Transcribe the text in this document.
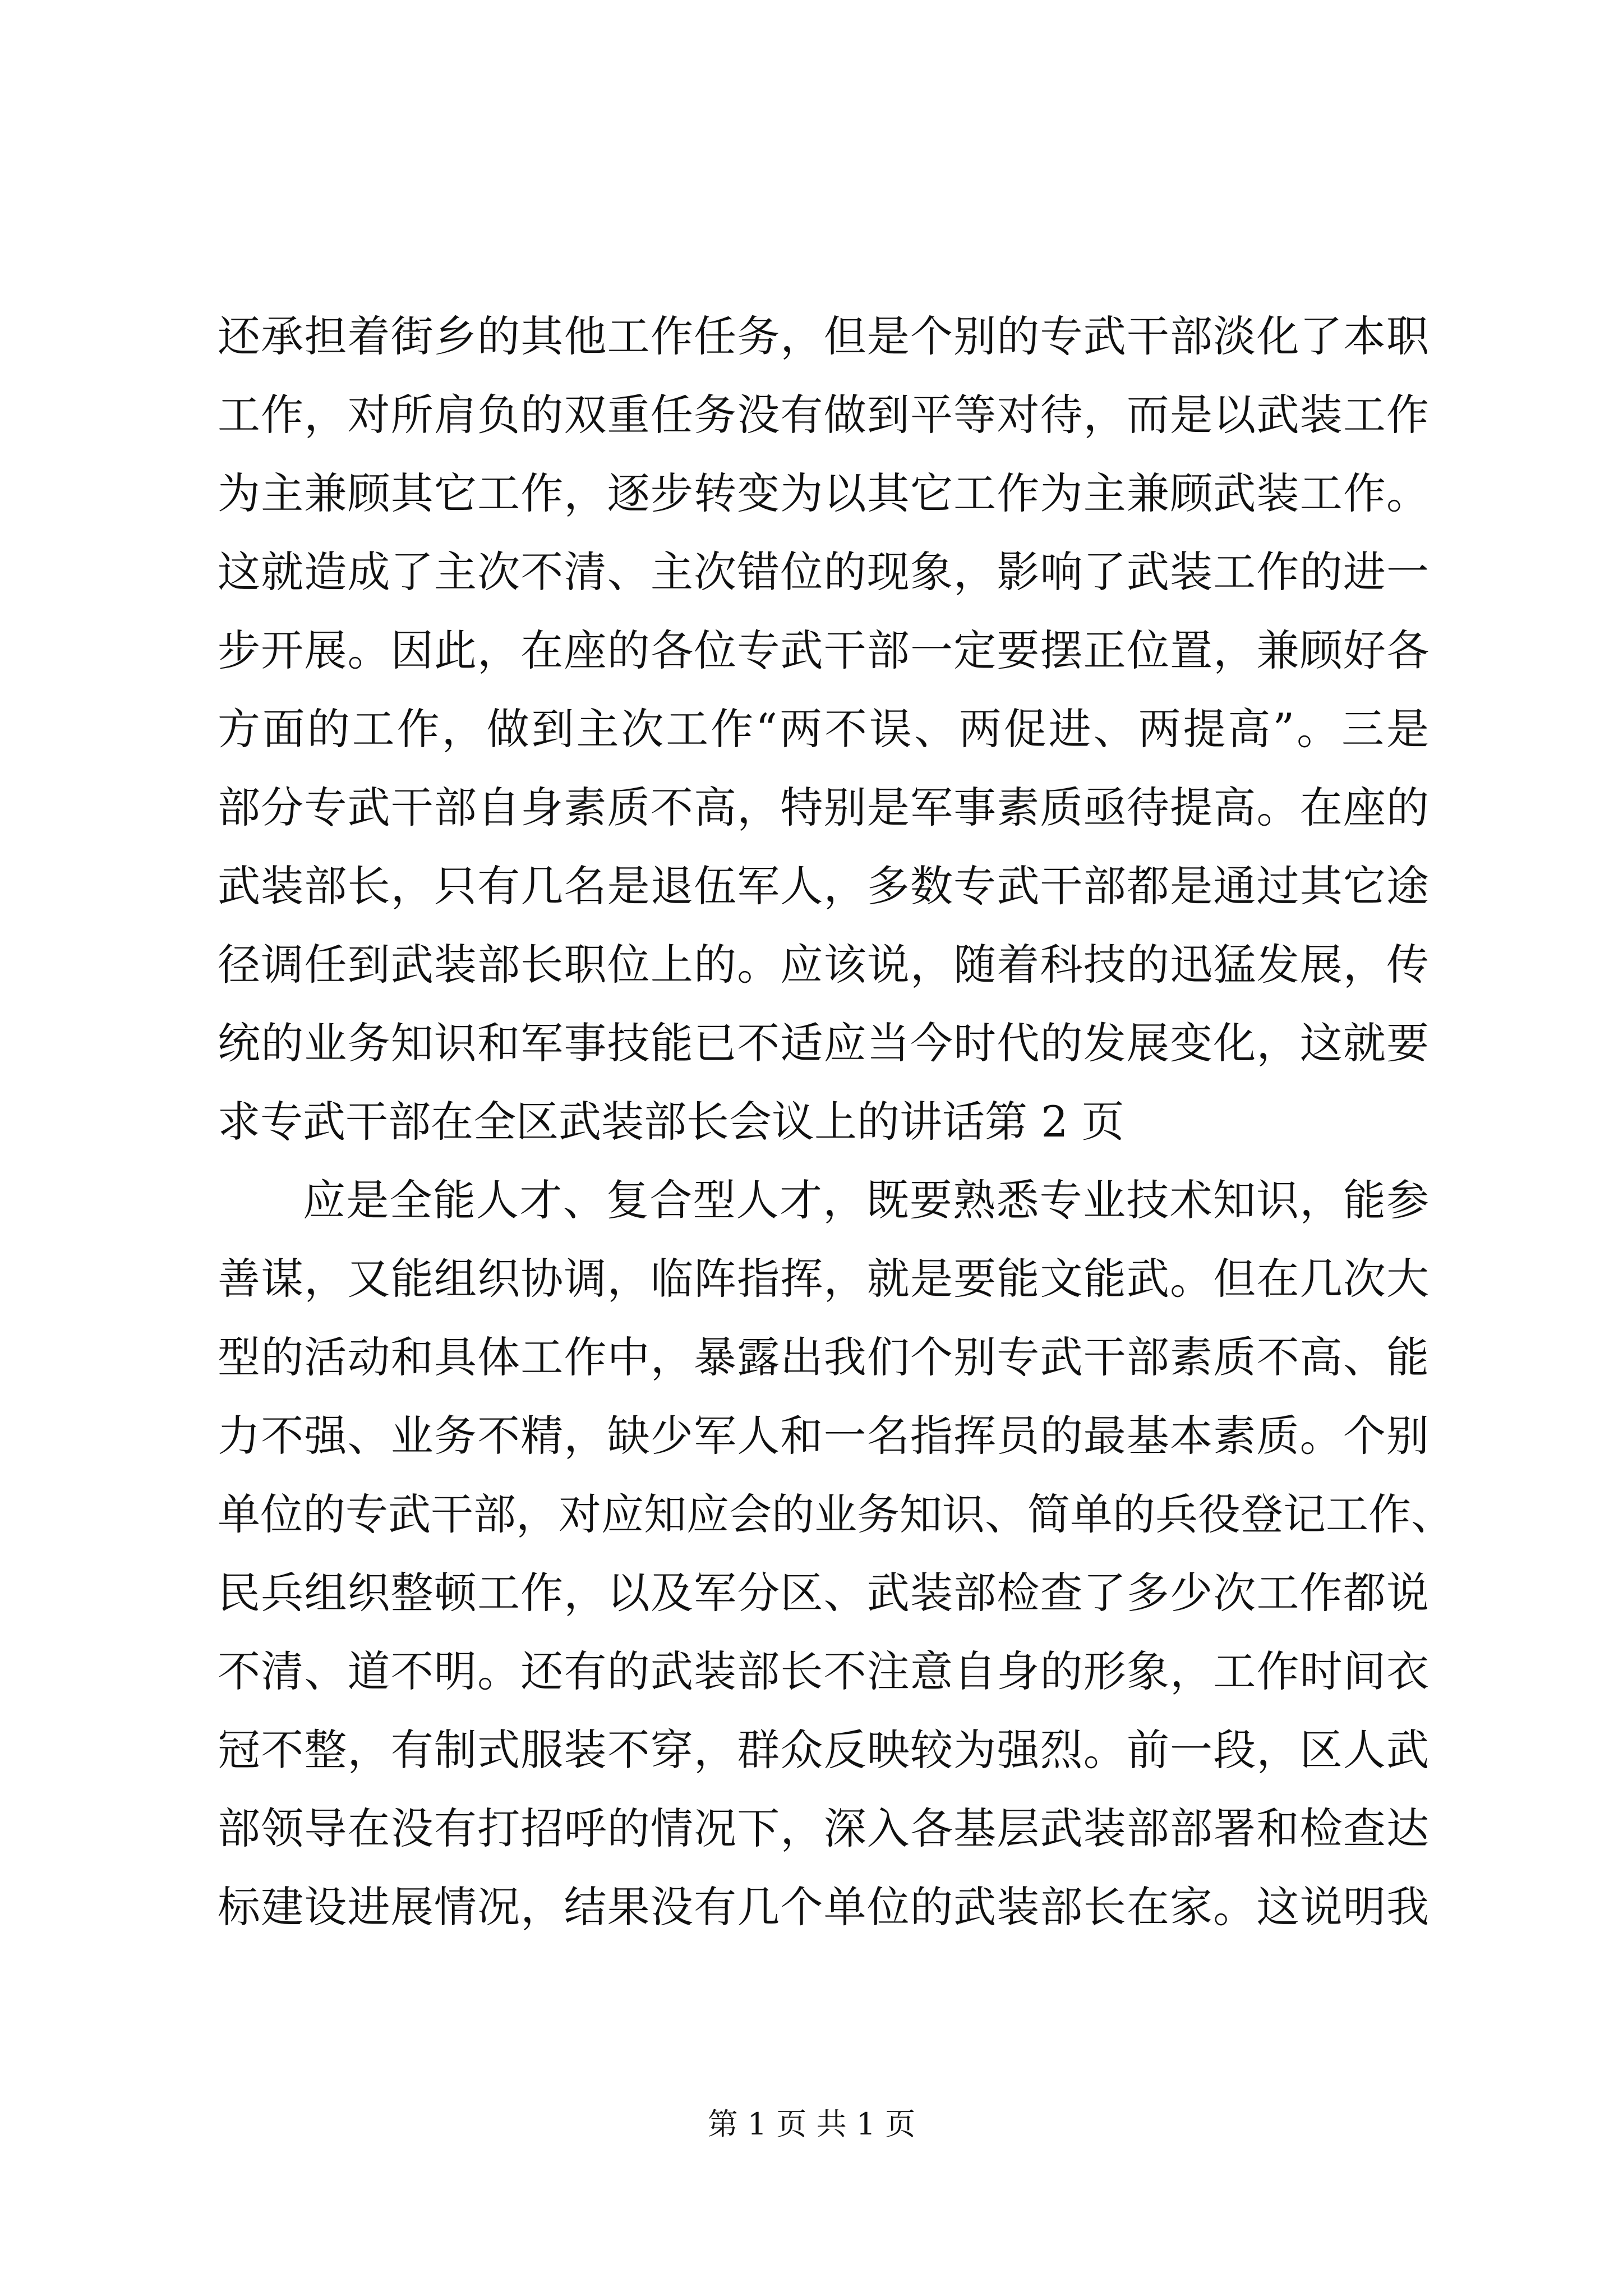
还承担着街乡的其他工作任务，但是个别的专武干部淡化了本职
工作，对所肩负的双重任务没有做到平等对待，而是以武装工作
为主兼顾其它工作，逐步转变为以其它工作为主兼顾武装工作。
这就造成了主次不清、主次错位的现象，影响了武装工作的进一
步开展。因此，在座的各位专武干部一定要摆正位置，兼顾好各
方面的工作，做到主次工作“两不误、两促进、两提高”。三是
部分专武干部自身素质不高，特别是军事素质亟待提高。在座的
武装部长，只有几名是退伍军人，多数专武干部都是通过其它途
径调任到武装部长职位上的。应该说，随着科技的迅猛发展，传
统的业务知识和军事技能已不适应当今时代的发展变化，这就要
求专武干部在全区武装部长会议上的讲话第 2 页
应是全能人才、复合型人才，既要熟悉专业技术知识，能参
善谋，又能组织协调，临阵指挥，就是要能文能武。但在几次大
型的活动和具体工作中，暴露出我们个别专武干部素质不高、能
力不强、业务不精，缺少军人和一名指挥员的最基本素质。个别
单位的专武干部，对应知应会的业务知识、简单的兵役登记工作、
民兵组织整顿工作，以及军分区、武装部检查了多少次工作都说
不清、道不明。还有的武装部长不注意自身的形象，工作时间衣
冠不整，有制式服装不穿，群众反映较为强烈。前一段，区人武
部领导在没有打招呼的情况下，深入各基层武装部部署和检查达
标建设进展情况，结果没有几个单位的武装部长在家。这说明我
第 1 页 共 1 页
